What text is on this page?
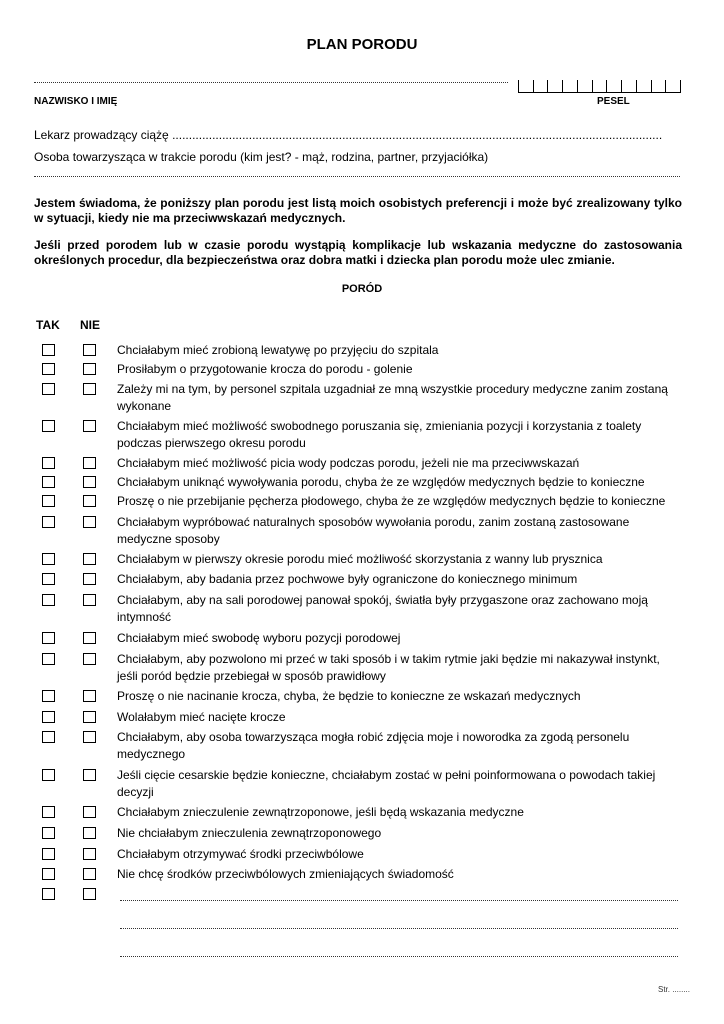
PLAN PORODU
NAZWISKO I IMIĘ	PESEL
Lekarz prowadzący ciążę ...................................................................................................................................................
Osoba towarzysząca w trakcie porodu (kim jest? - mąż, rodzina, partner, przyjaciółka)
Jestem świadoma, że poniższy plan porodu jest listą moich osobistych preferencji i może być zrealizowany tylko w sytuacji, kiedy nie ma przeciwwskazań medycznych.
Jeśli przed porodem lub w czasie porodu wystąpią komplikacje lub wskazania medyczne do zastosowania określonych procedur, dla bezpieczeństwa oraz dobra matki i dziecka plan porodu może ulec zmianie.
PORÓD
TAK NIE
Chciałabym mieć zrobioną lewatywę po przyjęciu do szpitala
Prosiłabym o przygotowanie krocza do porodu - golenie
Zależy mi na tym, by personel szpitala uzgadniał ze mną wszystkie procedury medyczne zanim zostaną wykonane
Chciałabym mieć możliwość swobodnego poruszania się, zmieniania pozycji i korzystania z toalety podczas pierwszego okresu porodu
Chciałabym mieć możliwość picia wody podczas porodu, jeżeli nie ma przeciwwskazań
Chciałabym uniknąć wywoływania porodu, chyba że ze względów medycznych będzie to konieczne
Proszę o nie przebijanie pęcherza płodowego, chyba że ze względów medycznych będzie to konieczne
Chciałabym wypróbować naturalnych sposobów wywołania porodu, zanim zostaną zastosowane medyczne sposoby
Chciałabym w pierwszy okresie porodu mieć możliwość skorzystania z wanny lub prysznica
Chciałabym, aby badania przez pochwowe były ograniczone do koniecznego minimum
Chciałabym, aby na sali porodowej panował spokój, światła były przygaszone oraz zachowano moją intymność
Chciałabym mieć swobodę wyboru pozycji porodowej
Chciałabym, aby pozwolono mi przeć w taki sposób i w takim rytmie jaki będzie mi nakazywał instynkt, jeśli poród będzie przebiegał w sposób prawidłowy
Proszę o nie nacinanie krocza, chyba, że będzie to konieczne ze wskazań medycznych
Wolałabym mieć nacięte krocze
Chciałabym, aby osoba towarzysząca mogła robić zdjęcia moje i noworodka za zgodą personelu medycznego
Jeśli cięcie cesarskie będzie konieczne, chciałabym zostać w pełni poinformowana o powodach takiej decyzji
Chciałabym znieczulenie zewnątrzoponowe, jeśli będą wskazania medyczne
Nie chciałabym znieczulenia zewnątrzoponowego
Chciałabym otrzymywać środki przeciwbólowe
Nie chcę środków przeciwbólowych zmieniających świadomość
Str. ........
